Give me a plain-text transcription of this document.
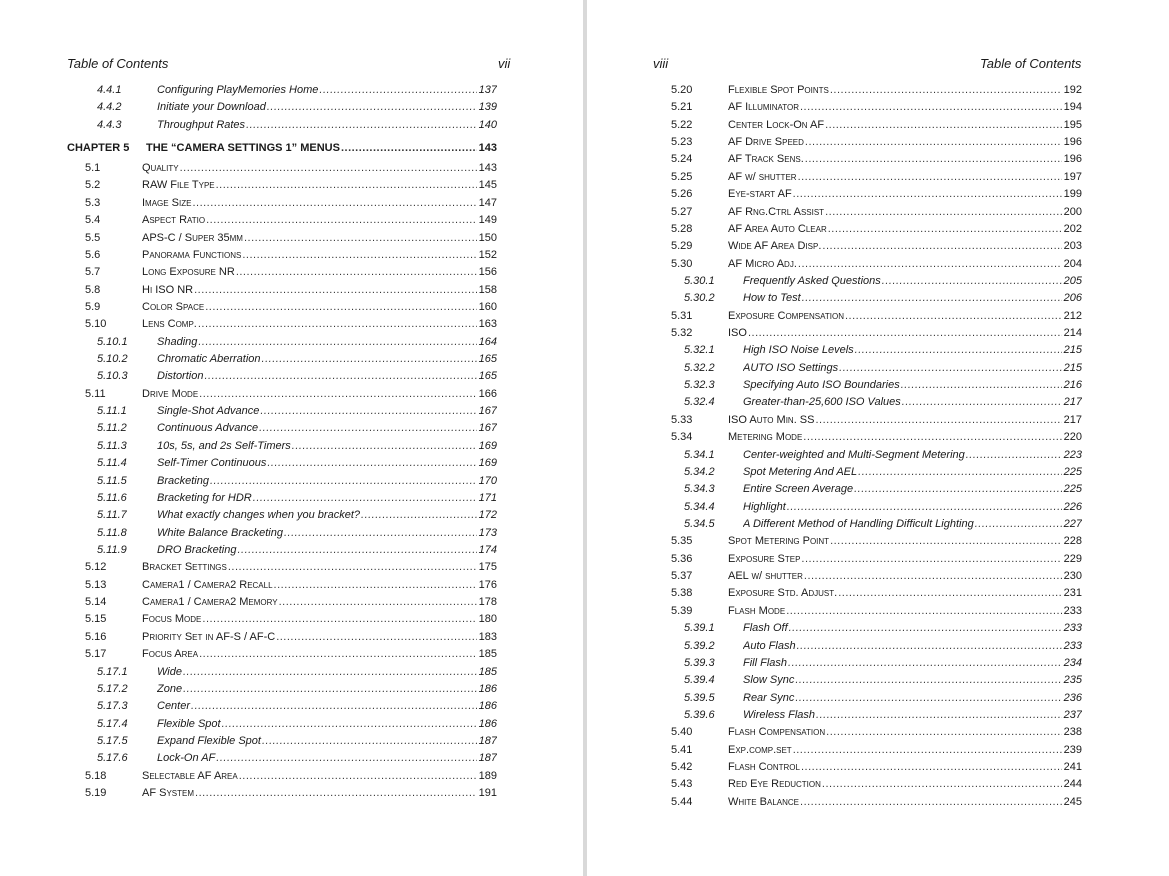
Table of Contents	vii
4.4.1	Configuring PlayMemories Home .....	137
4.4.2	Initiate your Download .....	139
4.4.3	Throughput Rates .....	140
CHAPTER 5 THE “CAMERA SETTINGS 1” MENUS .....	143
5.1	Quality .....	143
5.2	RAW File Type .....	145
5.3	Image Size .....	147
5.4	Aspect Ratio .....	149
5.5	APS-C / Super 35mm .....	150
5.6	Panorama Functions .....	152
5.7	Long Exposure NR .....	156
5.8	Hi ISO NR .....	158
5.9	Color Space .....	160
5.10	Lens Comp. .....	163
5.10.1	Shading .....	164
5.10.2	Chromatic Aberration .....	165
5.10.3	Distortion .....	165
5.11	Drive Mode .....	166
5.11.1	Single-Shot Advance .....	167
5.11.2	Continuous Advance .....	167
5.11.3	10s, 5s, and 2s Self-Timers .....	169
5.11.4	Self-Timer Continuous .....	169
5.11.5	Bracketing .....	170
5.11.6	Bracketing for HDR .....	171
5.11.7	What exactly changes when you bracket? .....	172
5.11.8	White Balance Bracketing .....	173
5.11.9	DRO Bracketing .....	174
5.12	Bracket Settings .....	175
5.13	Camera1 / Camera2 Recall .....	176
5.14	Camera1 / Camera2 Memory .....	178
5.15	Focus Mode .....	180
5.16	Priority Set in AF-S / AF-C .....	183
5.17	Focus Area .....	185
5.17.1	Wide .....	185
5.17.2	Zone .....	186
5.17.3	Center .....	186
5.17.4	Flexible Spot .....	186
5.17.5	Expand Flexible Spot .....	187
5.17.6	Lock-On AF .....	187
5.18	Selectable AF Area .....	189
5.19	AF System .....	191
viii	Table of Contents
5.20	Flexible Spot Points .....	192
5.21	AF Illuminator .....	194
5.22	Center Lock-On AF .....	195
5.23	AF Drive Speed .....	196
5.24	AF Track Sens. .....	196
5.25	AF w/ shutter .....	197
5.26	Eye-start AF .....	199
5.27	AF Rng.Ctrl Assist .....	200
5.28	AF Area Auto Clear .....	202
5.29	Wide AF Area Disp. .....	203
5.30	AF Micro Adj. .....	204
5.30.1	Frequently Asked Questions .....	205
5.30.2	How to Test .....	206
5.31	Exposure Compensation .....	212
5.32	ISO .....	214
5.32.1	High ISO Noise Levels .....	215
5.32.2	AUTO ISO Settings .....	215
5.32.3	Specifying Auto ISO Boundaries .....	216
5.32.4	Greater-than-25,600 ISO Values .....	217
5.33	ISO Auto Min. SS .....	217
5.34	Metering Mode .....	220
5.34.1	Center-weighted and Multi-Segment Metering .....	223
5.34.2	Spot Metering And AEL .....	225
5.34.3	Entire Screen Average .....	225
5.34.4	Highlight .....	226
5.34.5	A Different Method of Handling Difficult Lighting .....	227
5.35	Spot Metering Point .....	228
5.36	Exposure Step .....	229
5.37	AEL w/ shutter .....	230
5.38	Exposure Std. Adjust. .....	231
5.39	Flash Mode .....	233
5.39.1	Flash Off .....	233
5.39.2	Auto Flash .....	233
5.39.3	Fill Flash .....	234
5.39.4	Slow Sync .....	235
5.39.5	Rear Sync .....	236
5.39.6	Wireless Flash .....	237
5.40	Flash Compensation .....	238
5.41	Exp.comp.set .....	239
5.42	Flash Control .....	241
5.43	Red Eye Reduction .....	244
5.44	White Balance .....	245
